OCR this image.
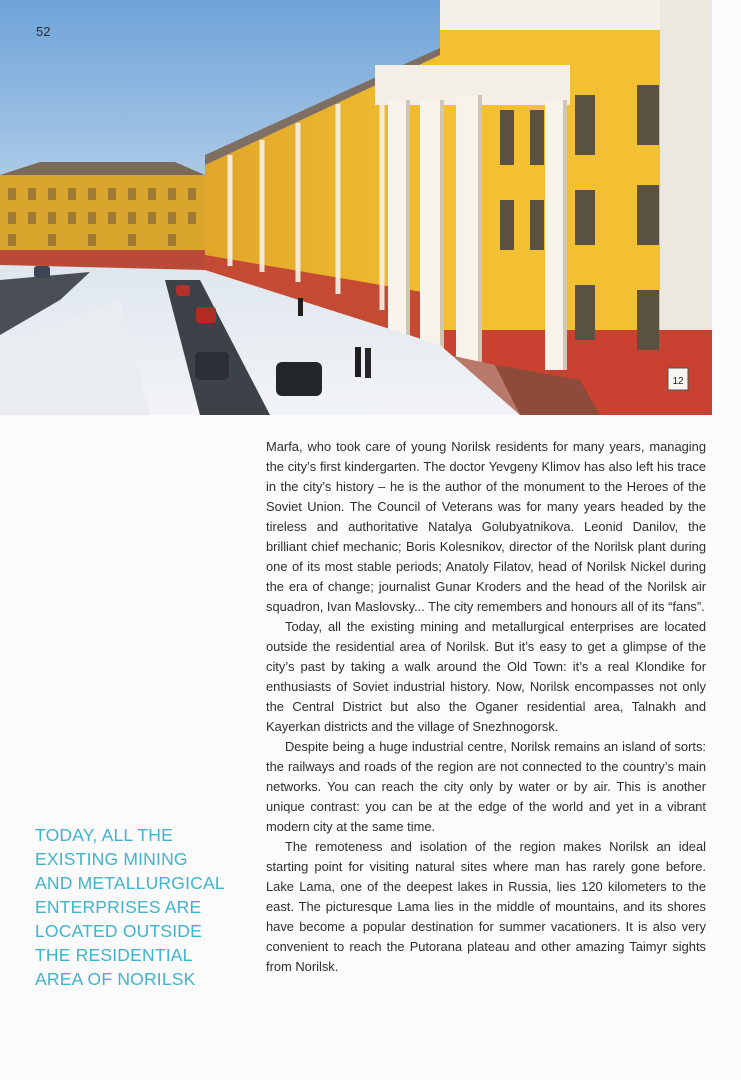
12
52
TODAY, ALL THE
EXISTING MINING
AND METALLURGICAL
ENTERPRISES ARE
LOCATED OUTSIDE
THE RESIDENTIAL
AREA OF NORILSK

Marfa, who took care of young Norilsk residents for many years, managing the city’s first kindergarten. The doctor Yevgeny Klimov has also left his trace in the city’s history – he is the author of the monument to the Heroes of the Soviet Union. The Council of Veterans was for many years headed by the tireless and authoritative Natalya Golubyatnikova. Leonid Danilov, the brilliant chief mechanic; Boris Kolesnikov, director of the Norilsk plant during one of its most stable periods; Anatoly Filatov, head of Norilsk Nickel during the era of change; journalist Gunar Kroders and the head of the Norilsk air squadron, Ivan Maslovsky... The city remembers and honours all of its “fans”.

Today, all the existing mining and metallurgical enterprises are located outside the residential area of Norilsk. But it’s easy to get a glimpse of the city’s past by taking a walk around the Old Town: it’s a real Klondike for enthusiasts of Soviet industrial history. Now, Norilsk encompasses not only the Central District but also the Oganer residential area, Talnakh and Kayerkan districts and the village of Snezhnogorsk.

Despite being a huge industrial centre, Norilsk remains an island of sorts: the railways and roads of the region are not connected to the country’s main networks. You can reach the city only by water or by air. This is another unique contrast: you can be at the edge of the world and yet in a vibrant modern city at the same time.

The remoteness and isolation of the region makes Norilsk an ideal starting point for visiting natural sites where man has rarely gone before. Lake Lama, one of the deepest lakes in Russia, lies 120 kilometers to the east. The picturesque Lama lies in the middle of mountains, and its shores have become a popular destination for summer vacationers. It is also very convenient to reach the Putorana plateau and other amazing Taimyr sights from Norilsk.
